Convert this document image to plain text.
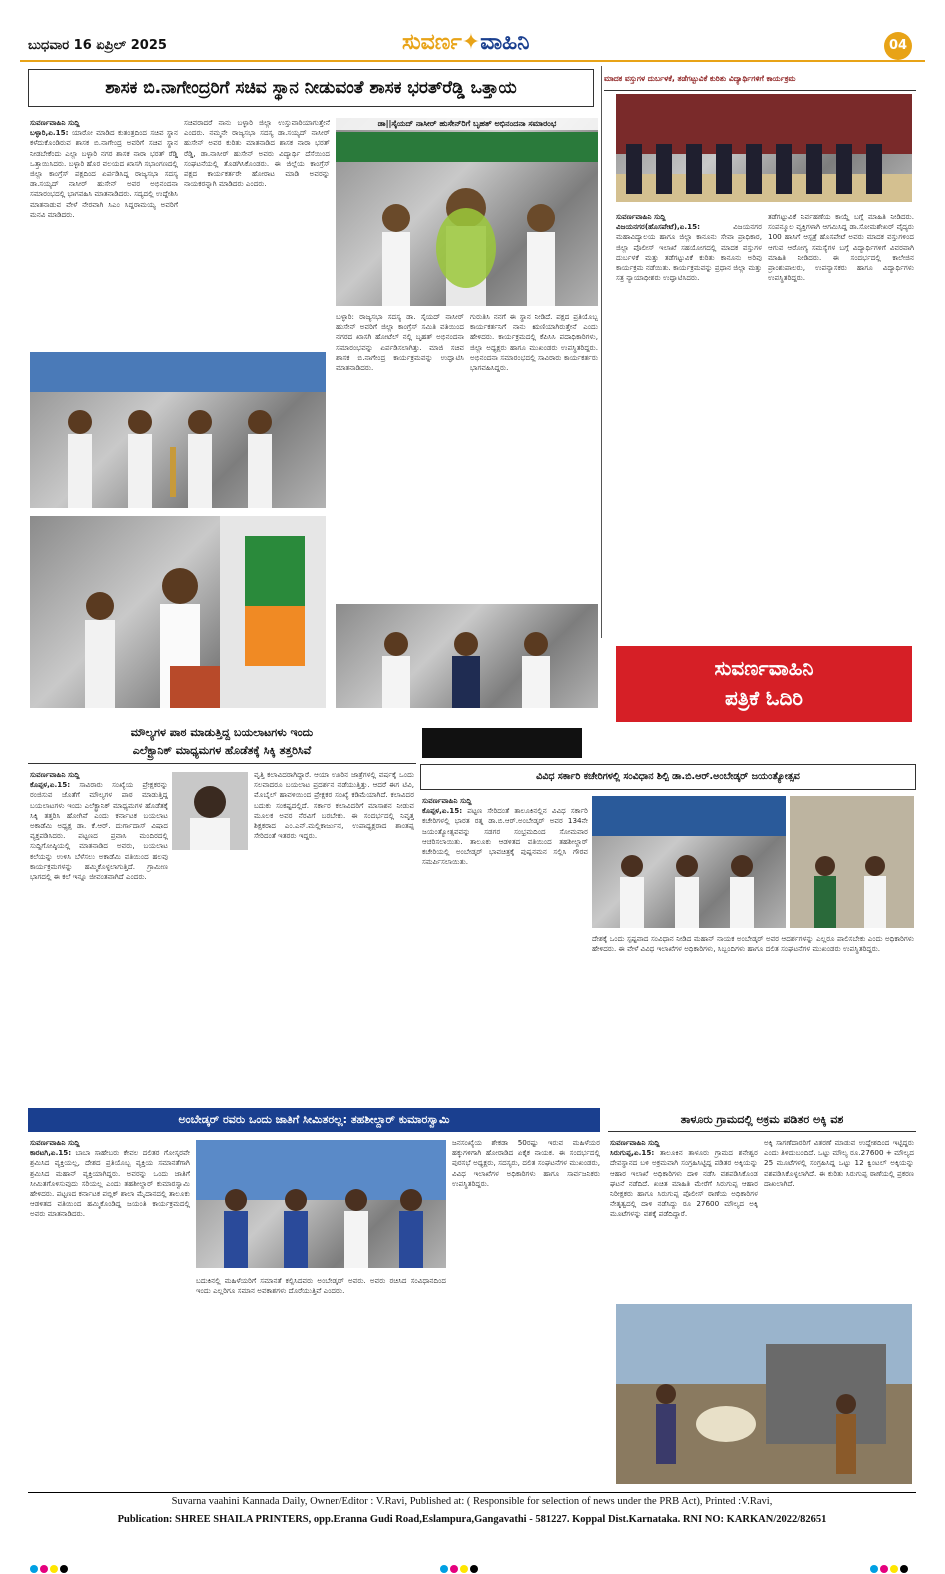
ಬುಧವಾರ 16 ಏಪ್ರಿಲ್ 2025	ಸುವರ್ಣ✦ವಾಹಿನಿ	04
ಶಾಸಕ ಬಿ.ನಾಗೇಂದ್ರರಿಗೆ ಸಚಿವ ಸ್ಥಾನ ನೀಡುವಂತೆ ಶಾಸಕ ಭರತ್‌ರೆಡ್ಡಿ ಒತ್ತಾಯ

ಸುವರ್ಣವಾಹಿನಿ ಸುದ್ದಿ
ಬಳ್ಳಾರಿ,ಏ.15: ಯಾರೋ ಮಾಡಿದ ಕುತಂತ್ರದಿಂದ ಸಚಿವ ಸ್ಥಾನ ಕಳೆದುಕೊಂಡಿರುವ ಶಾಸಕ ಬಿ.ನಾಗೇಂದ್ರ ಅವರಿಗೆ ಸಚಿವ ಸ್ಥಾನ ನೀಡಬೇಕೆಂದು ಎಲ್ಲಾ ಬಳ್ಳಾರಿ ನಗರ ಶಾಸಕ ನಾರಾ ಭರತ್ ರೆಡ್ಡಿ ಒತ್ತಾಯಿಸಿದರು. ಬಳ್ಳಾರಿ ಹೊರ ವಲಯದ ಖಾಸಗಿ ಸಭಾಂಗಣದಲ್ಲಿ ಜಿಲ್ಲಾ ಕಾಂಗ್ರೆಸ್ ಪಕ್ಷದಿಂದ ಏರ್ಪಡಿಸಿದ್ದ ರಾಜ್ಯಸಭಾ ಸದಸ್ಯ ಡಾ.ಸಯ್ಯದ್ ನಾಸೀರ್ ಹುಸೇನ್ ಅವರ ಅಭಿನಂದನಾ ಸಮಾರಂಭದಲ್ಲಿ ಭಾಗವಹಿಸಿ ಮಾತನಾಡಿದರು. ಸದ್ಯದಲ್ಲಿ ಉದ್ದೇಶಿಸಿ ಮಾತನಾಡುವ ವೇಳೆ ನೇರವಾಗಿ ಸಿಎಂ ಸಿದ್ದರಾಮಯ್ಯ ಅವರಿಗೆ ಮನವಿ ಮಾಡಿದರು.

ಸಚಿವರಾದರೆ ನಾನು ಬಳ್ಳಾರಿ ಜಿಲ್ಲಾ ಉಸ್ತುವಾರಿಯಾಗುತ್ತೇನೆ ಎಂದರು. ನಮ್ಮನೇ ರಾಜ್ಯಸಭಾ ಸದಸ್ಯ ಡಾ.ಸಯ್ಯದ್ ನಾಸೀರ್ ಹುಸೇನ್ ಅವರ ಕುರಿತು ಮಾತನಾಡಿದ ಶಾಸಕ ನಾರಾ ಭರತ್ ರೆಡ್ಡಿ, ಡಾ.ನಾಸೀರ್ ಹುಸೇನ್ ಅವರು ವಿದ್ಯಾರ್ಥಿ ದೆಸೆಯಿಂದ ಸಂಘಟನೆಯಲ್ಲಿ ತೊಡಗಿಸಿಕೊಂಡರು. ಈ ಜಿಲ್ಲೆಯ ಕಾಂಗ್ರೆಸ್ ಪಕ್ಷದ ಕಾರ್ಯಕರ್ತರೇ ಹೋರಾಟ ಮಾಡಿ ಅವರನ್ನು ನಾಯಕರನ್ನಾಗಿ ಮಾಡಿದರು ಎಂದರು.

ಡಾ||ಸೈಯದ್ ನಾಸೀರ್ ಹುಸೇನ್‌ರಿಗೆ ಬೃಹತ್ ಅಭಿನಂದನಾ ಸಮಾರಂಭ

ಬಳ್ಳಾರಿ: ರಾಜ್ಯಸಭಾ ಸದಸ್ಯ ಡಾ. ಸೈಯದ್ ನಾಸೀರ್ ಹುಸೇನ್ ಅವರಿಗೆ ಜಿಲ್ಲಾ ಕಾಂಗ್ರೆಸ್ ಸಮಿತಿ ವತಿಯಿಂದ ನಗರದ ಖಾಸಗಿ ಹೋಟೆಲ್ ನಲ್ಲಿ ಬೃಹತ್ ಅಭಿನಂದನಾ ಸಮಾರಂಭವನ್ನು ಏರ್ಪಡಿಸಲಾಗಿತ್ತು. ಮಾಜಿ ಸಚಿವ ಶಾಸಕ ಬಿ.ನಾಗೇಂದ್ರ ಕಾರ್ಯಕ್ರಮವನ್ನು ಉದ್ಘಾಟಿಸಿ ಮಾತನಾಡಿದರು.

ಗುರುತಿಸಿ ನನಗೆ ಈ ಸ್ಥಾನ ನೀಡಿದೆ. ಪಕ್ಷದ ಪ್ರತಿಯೊಬ್ಬ ಕಾರ್ಯಕರ್ತನಿಗೆ ನಾನು ಋಣಿಯಾಗಿರುತ್ತೇನೆ ಎಂದು ಹೇಳಿದರು. ಕಾರ್ಯಕ್ರಮದಲ್ಲಿ ಕೆಪಿಸಿಸಿ ಪದಾಧಿಕಾರಿಗಳು, ಜಿಲ್ಲಾ ಅಧ್ಯಕ್ಷರು ಹಾಗೂ ಮುಖಂಡರು ಉಪಸ್ಥಿತರಿದ್ದರು. ಅಭಿನಂದನಾ ಸಮಾರಂಭದಲ್ಲಿ ಸಾವಿರಾರು ಕಾರ್ಯಕರ್ತರು ಭಾಗವಹಿಸಿದ್ದರು.

ಮಾದಕ ವಸ್ತುಗಳ ದುರ್ಬಳಕೆ, ತಡೆಗಟ್ಟುವಿಕೆ ಕುರಿತು ವಿದ್ಯಾರ್ಥಿಗಳಿಗೆ ಕಾರ್ಯಕ್ರಮ

ಸುವರ್ಣವಾಹಿನಿ ಸುದ್ದಿ
ವಿಜಯನಗರ(ಹೊಸಪೇಟೆ),ಏ.15:	ವಿಜಯನಗರ ಮಹಾವಿದ್ಯಾಲಯ ಹಾಗೂ ಜಿಲ್ಲಾ ಕಾನೂನು ಸೇವಾ ಪ್ರಾಧಿಕಾರ, ಜಿಲ್ಲಾ ಪೊಲೀಸ್ ಇಲಾಖೆ ಸಹಯೋಗದಲ್ಲಿ ಮಾದಕ ವಸ್ತುಗಳ ದುರ್ಬಳಕೆ ಮತ್ತು ತಡೆಗಟ್ಟುವಿಕೆ ಕುರಿತು ಕಾನೂನು ಅರಿವು ಕಾರ್ಯಕ್ರಮ ನಡೆಯಿತು. ಕಾರ್ಯಕ್ರಮವನ್ನು ಪ್ರಧಾನ ಜಿಲ್ಲಾ ಮತ್ತು ಸತ್ರ ನ್ಯಾಯಾಧೀಶರು ಉದ್ಘಾಟಿಸಿದರು.

ತಡೆಗಟ್ಟುವಿಕೆ ನಿರ್ವಹಣೆಯ ಕಾಯ್ದೆ ಬಗ್ಗೆ ಮಾಹಿತಿ ನೀಡಿದರು. ಸಂಪನ್ಮೂಲ ವ್ಯಕ್ತಿಗಳಾಗಿ ಆಗಮಿಸಿದ್ದ ಡಾ.ಸೋಮಶೇಖರ್ ವೈದ್ಯರು 100 ಹಾಸಿಗೆ ಆಸ್ಪತ್ರೆ ಹೊಸಪೇಟೆ ಅವರು ಮಾದಕ ವಸ್ತುಗಳಿಂದ ಆಗುವ ಆರೋಗ್ಯ ಸಮಸ್ಯೆಗಳ ಬಗ್ಗೆ ವಿದ್ಯಾರ್ಥಿಗಳಿಗೆ ವಿವರವಾಗಿ ಮಾಹಿತಿ ನೀಡಿದರು. ಈ ಸಂದರ್ಭದಲ್ಲಿ ಕಾಲೇಜಿನ ಪ್ರಾಂಶುಪಾಲರು, ಉಪನ್ಯಾಸಕರು ಹಾಗೂ ವಿದ್ಯಾರ್ಥಿಗಳು ಉಪಸ್ಥಿತರಿದ್ದರು.

ಸುವರ್ಣವಾಹಿನಿ
ಪತ್ರಿಕೆ ಓದಿರಿ
ಮೌಲ್ಯಗಳ ಪಾಠ ಮಾಡುತ್ತಿದ್ದ ಬಯಲಾಟಗಳು ಇಂದು
ಎಲೆಕ್ಟ್ರಾನಿಕ್ ಮಾಧ್ಯಮಗಳ ಹೊಡೆತಕ್ಕೆ ಸಿಕ್ಕಿ ತತ್ತರಿಸಿವೆ

ಸುವರ್ಣವಾಹಿನಿ ಸುದ್ದಿ
ಕೊಪ್ಪಳ,ಏ.15: ಸಾವಿರಾರು ಸಂಖ್ಯೆಯ ಪ್ರೇಕ್ಷಕರನ್ನು ರಂಜಿಸುವ ಜೊತೆಗೆ ಮೌಲ್ಯಗಳ ಪಾಠ ಮಾಡುತ್ತಿದ್ದ ಬಯಲಾಟಗಳು ಇಂದು ಎಲೆಕ್ಟ್ರಾನಿಕ್ ಮಾಧ್ಯಮಗಳ ಹೊಡೆತಕ್ಕೆ ಸಿಕ್ಕಿ ತತ್ತರಿಸಿ ಹೋಗಿವೆ ಎಂದು ಕರ್ನಾಟಕ ಬಯಲಾಟ ಅಕಾಡೆಮಿ ಅಧ್ಯಕ್ಷ ಡಾ. ಕೆ.ಆರ್. ದುರ್ಗಾದಾಸ್ ವಿಷಾದ ವ್ಯಕ್ತಪಡಿಸಿದರು. ಪಟ್ಟಣದ ಪ್ರವಾಸಿ ಮಂದಿರದಲ್ಲಿ ಸುದ್ದಿಗೋಷ್ಠಿಯಲ್ಲಿ ಮಾತನಾಡಿದ ಅವರು, ಬಯಲಾಟ ಕಲೆಯನ್ನು ಉಳಿಸಿ ಬೆಳೆಸಲು ಅಕಾಡೆಮಿ ವತಿಯಿಂದ ಹಲವು ಕಾರ್ಯಕ್ರಮಗಳನ್ನು ಹಮ್ಮಿಕೊಳ್ಳಲಾಗುತ್ತಿದೆ. ಗ್ರಾಮೀಣ ಭಾಗದಲ್ಲಿ ಈ ಕಲೆ ಇನ್ನೂ ಜೀವಂತವಾಗಿದೆ ಎಂದರು.

ವೃತ್ತಿ ಕಲಾವಿದರಾಗಿದ್ದಾರೆ. ಆಯಾ ಊರಿನ ಜಾತ್ರೆಗಳಲ್ಲಿ ವರ್ಷಕ್ಕೆ ಒಂದು ಸಲವಾದರೂ ಬಯಲಾಟ ಪ್ರದರ್ಶನ ನಡೆಯುತ್ತಿತ್ತು. ಆದರೆ ಈಗ ಟಿವಿ, ಮೊಬೈಲ್ ಹಾವಳಿಯಿಂದ ಪ್ರೇಕ್ಷಕರ ಸಂಖ್ಯೆ ಕಡಿಮೆಯಾಗಿದೆ. ಕಲಾವಿದರ ಬದುಕು ಸಂಕಷ್ಟದಲ್ಲಿದೆ. ಸರ್ಕಾರ ಕಲಾವಿದರಿಗೆ ಮಾಸಾಶನ ನೀಡುವ ಮೂಲಕ ಅವರ ನೆರವಿಗೆ ಬರಬೇಕು. ಈ ಸಂದರ್ಭದಲ್ಲಿ ನಿವೃತ್ತ ಶಿಕ್ಷಕರಾದ ಎಂ.ಎನ್.ಮಲ್ಲಿಕಾರ್ಜುನ, ಉಪಾಧ್ಯಕ್ಷರಾದ ಶಾಂತಪ್ಪ ಸೇರಿದಂತೆ ಇತರರು ಇದ್ದರು.

ವಿವಿಧ ಸರ್ಕಾರಿ ಕಚೇರಿಗಳಲ್ಲಿ ಸಂವಿಧಾನ ಶಿಲ್ಪಿ ಡಾ.ಬಿ.ಆರ್.ಅಂಬೇಡ್ಕರ್ ಜಯಂತ್ಯೋತ್ಸವ

ಸುವರ್ಣವಾಹಿನಿ ಸುದ್ದಿ
ಕೊಪ್ಪಳ,ಏ.15: ಪಟ್ಟಣ ಸೇರಿದಂತೆ ತಾಲೂಕಿನಲ್ಲಿನ ವಿವಿಧ ಸರ್ಕಾರಿ ಕಚೇರಿಗಳಲ್ಲಿ ಭಾರತ ರತ್ನ ಡಾ.ಬಿ.ಆರ್.ಅಂಬೇಡ್ಕರ್ ಅವರ 134ನೇ ಜಯಂತ್ಯೋತ್ಸವವನ್ನು ಸಡಗರ ಸಂಭ್ರಮದಿಂದ ಸೋಮವಾರ ಆಚರಿಸಲಾಯಿತು. ತಾಲೂಕು ಆಡಳಿತದ ವತಿಯಿಂದ ತಹಶೀಲ್ದಾರ್ ಕಚೇರಿಯಲ್ಲಿ ಅಂಬೇಡ್ಕರ್ ಭಾವಚಿತ್ರಕ್ಕೆ ಪುಷ್ಪನಮನ ಸಲ್ಲಿಸಿ ಗೌರವ ಸಮರ್ಪಿಸಲಾಯಿತು.

ದೇಶಕ್ಕೆ ಒಂದು ಸ್ಪಷ್ಟವಾದ ಸಂವಿಧಾನ ನೀಡಿದ ಮಹಾನ್ ನಾಯಕ ಅಂಬೇಡ್ಕರ್ ಅವರ ಆದರ್ಶಗಳನ್ನು ಎಲ್ಲರೂ ಪಾಲಿಸಬೇಕು ಎಂದು ಅಧಿಕಾರಿಗಳು ಹೇಳಿದರು. ಈ ವೇಳೆ ವಿವಿಧ ಇಲಾಖೆಗಳ ಅಧಿಕಾರಿಗಳು, ಸಿಬ್ಬಂದಿಗಳು ಹಾಗೂ ದಲಿತ ಸಂಘಟನೆಗಳ ಮುಖಂಡರು ಉಪಸ್ಥಿತರಿದ್ದರು.

ಅಂಬೇಡ್ಕರ್ ರವರು ಒಂದು ಜಾತಿಗೆ ಸೀಮಿತರಲ್ಲ: ತಹಶೀಲ್ದಾರ್ ಕುಮಾರಸ್ವಾಮಿ

ಸುವರ್ಣವಾಹಿನಿ ಸುದ್ದಿ
ಕಾರಟಗಿ,ಏ.15: ಬಾಬಾ ಸಾಹೇಬರು ಕೇವಲ ದಲಿತರ ಗೋಸ್ಕರವೇ ಶ್ರಮಿಸಿದ ವ್ಯಕ್ತಿಯಲ್ಲ, ದೇಶದ ಪ್ರತಿಯೊಬ್ಬ ವ್ಯಕ್ತಿಯ ಸಮಾನತೆಗಾಗಿ ಶ್ರಮಿಸಿದ ಮಹಾನ್ ವ್ಯಕ್ತಿಯಾಗಿದ್ದರು. ಅವರನ್ನು ಒಂದು ಜಾತಿಗೆ ಸೀಮಿತಗೊಳಿಸುವುದು ಸರಿಯಲ್ಲ ಎಂದು ತಹಶೀಲ್ದಾರ್ ಕುಮಾರಸ್ವಾಮಿ ಹೇಳಿದರು. ಪಟ್ಟಣದ ಕರ್ನಾಟಕ ಪಬ್ಲಿಕ್ ಶಾಲಾ ಮೈದಾನದಲ್ಲಿ ತಾಲೂಕು ಆಡಳಿತದ ವತಿಯಿಂದ ಹಮ್ಮಿಕೊಂಡಿದ್ದ ಜಯಂತಿ ಕಾರ್ಯಕ್ರಮದಲ್ಲಿ ಅವರು ಮಾತನಾಡಿದರು.

ಬದುಕಿನಲ್ಲಿ ಮಹಿಳೆಯರಿಗೆ ಸಮಾನತೆ ಕಲ್ಪಿಸಿದವರು ಅಂಬೇಡ್ಕರ್ ಅವರು. ಅವರು ರಚಿಸಿದ ಸಂವಿಧಾನದಿಂದ ಇಂದು ಎಲ್ಲರಿಗೂ ಸಮಾನ ಅವಕಾಶಗಳು ದೊರೆಯುತ್ತಿವೆ ಎಂದರು.

ಜನಸಂಖ್ಯೆಯ ಶೇಕಡಾ 50ರಷ್ಟು ಇರುವ ಮಹಿಳೆಯರ ಹಕ್ಕುಗಳಿಗಾಗಿ ಹೋರಾಡಿದ ಏಕೈಕ ನಾಯಕ. ಈ ಸಂದರ್ಭದಲ್ಲಿ ಪುರಸಭೆ ಅಧ್ಯಕ್ಷರು, ಸದಸ್ಯರು, ದಲಿತ ಸಂಘಟನೆಗಳ ಮುಖಂಡರು, ವಿವಿಧ ಇಲಾಖೆಗಳ ಅಧಿಕಾರಿಗಳು ಹಾಗೂ ಸಾರ್ವಜನಿಕರು ಉಪಸ್ಥಿತರಿದ್ದರು.

ತಾಳೂರು ಗ್ರಾಮದಲ್ಲಿ ಅಕ್ರಮ ಪಡಿತರ ಅಕ್ಕಿ ವಶ

ಸುವರ್ಣವಾಹಿನಿ ಸುದ್ದಿ
ಸಿರುಗುಪ್ಪ,ಏ.15: ತಾಲೂಕಿನ ತಾಳೂರು ಗ್ರಾಮದ ಶನೇಶ್ವರ ದೇವಸ್ಥಾನದ ಬಳಿ ಅಕ್ರಮವಾಗಿ ಸಂಗ್ರಹಿಸಿಟ್ಟಿದ್ದ ಪಡಿತರ ಅಕ್ಕಿಯನ್ನು ಆಹಾರ ಇಲಾಖೆ ಅಧಿಕಾರಿಗಳು ದಾಳಿ ನಡೆಸಿ ವಶಪಡಿಸಿಕೊಂಡ ಘಟನೆ ನಡೆದಿದೆ. ಖಚಿತ ಮಾಹಿತಿ ಮೇರೆಗೆ ಸಿರುಗುಪ್ಪ ಆಹಾರ ನಿರೀಕ್ಷಕರು ಹಾಗೂ ಸಿರುಗುಪ್ಪ ಪೊಲೀಸ್ ಠಾಣೆಯ ಅಧಿಕಾರಿಗಳ ನೇತೃತ್ವದಲ್ಲಿ ದಾಳಿ ನಡೆಸಿದ್ದು ರೂ 27600 ಮೌಲ್ಯದ ಅಕ್ಕಿ ಮೂಟೆಗಳನ್ನು ವಶಕ್ಕೆ ಪಡೆದಿದ್ದಾರೆ.

ಅಕ್ಕಿ ಸಾಗಣೆದಾರರಿಗೆ ವಿತರಣೆ ಮಾಡುವ ಉದ್ದೇಶದಿಂದ ಇಟ್ಟಿದ್ದರು ಎಂದು ತಿಳಿದುಬಂದಿದೆ. ಒಟ್ಟು ಮೌಲ್ಯ ರೂ.27600 + ಮೌಲ್ಯದ 25 ಮೂಟೆಗಳಲ್ಲಿ ಸಂಗ್ರಹಿಸಿದ್ದ ಒಟ್ಟು 12 ಕ್ವಿಂಟಲ್ ಅಕ್ಕಿಯನ್ನು ವಶಪಡಿಸಿಕೊಳ್ಳಲಾಗಿದೆ. ಈ ಕುರಿತು ಸಿರುಗುಪ್ಪ ಠಾಣೆಯಲ್ಲಿ ಪ್ರಕರಣ ದಾಖಲಾಗಿದೆ.

Suvarna vaahini Kannada Daily, Owner/Editor : V.Ravi, Published at: ( Responsible for selection of news under the PRB Act), Printed :V.Ravi,
Publication: SHREE SHAILA PRINTERS, opp.Eranna Gudi Road,Eslampura,Gangavathi - 581227. Koppal Dist.Karnataka. RNI NO: KARKAN/2022/82651
